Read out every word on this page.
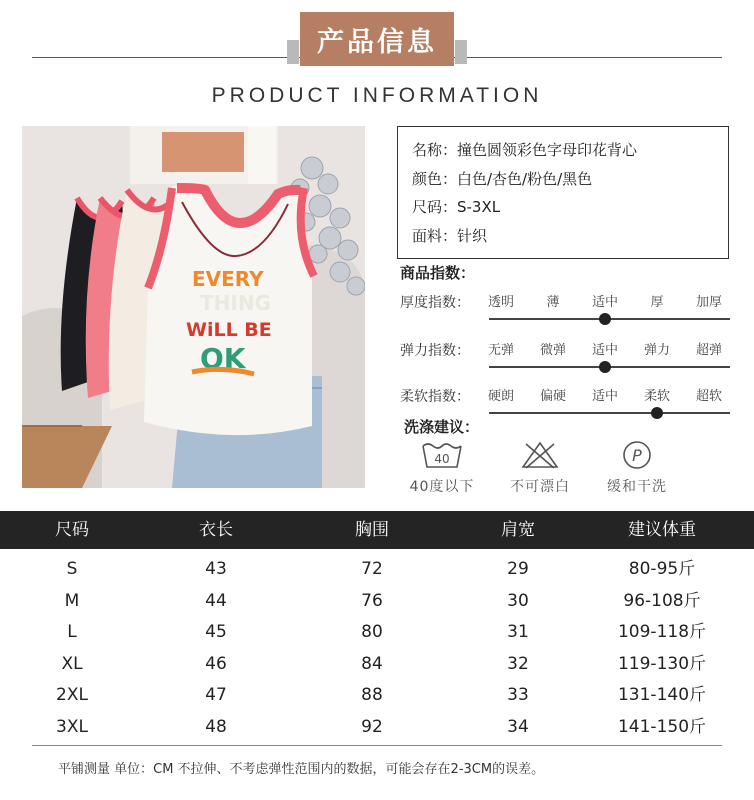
产品信息
PRODUCT INFORMATION
EVERY
THING
WiLL BE
OK
名称：撞色圆领彩色字母印花背心
颜色：白色/杏色/粉色/黑色
尺码：S-3XL
面料：针织
商品指数：
厚度指数： 透明 薄 适中 厚 加厚
弹力指数： 无弹 微弹 适中 弹力 超弹
柔软指数： 硬朗 偏硬 适中 柔软 超软
洗涤建议：
40
40度以下	不可漂白
P
缓和干洗
尺码	衣长	胸围	肩宽	建议体重
S	43	72	29	80-95斤
M	44	76	30	96-108斤
L	45	80	31	109-118斤
XL	46	84	32	119-130斤
2XL	47	88	33	131-140斤
3XL	48	92	34	141-150斤
平铺测量 单位：CM 不拉伸、不考虑弹性范围内的数据，可能会存在2-3CM的误差。
